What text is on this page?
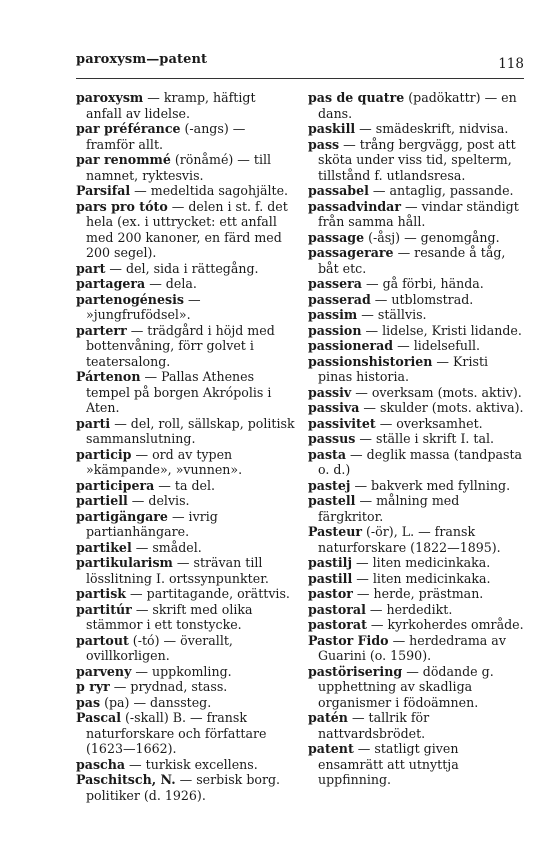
paroxysm—patent	118

paroxysm — kramp, häftigt anfall av lidelse.

par préférance (-angs) — framför allt.

par renommé (rönåmé) — till namnet, ryktesvis.

Parsifal — medeltida sagohjälte.

pars pro tóto — delen i st. f. det hela (ex. i uttrycket: ett anfall med 200 kanoner, en färd med 200 segel).

part — del, sida i rättegång.

partagera — dela.

partenogénesis — »jungfrufödsel».

parterr — trädgård i höjd med bottenvåning, förr golvet i teatersalong.

Pártenon — Pallas Athenes tempel på borgen Akrópolis i Aten.

parti — del, roll, sällskap, politisk sammanslutning.

particip — ord av typen »kämpande», »vunnen».

participera — ta del.

partiell — delvis.

partigängare — ivrig partianhängare.

partikel — smådel.

partikularism — strävan till lösslitning I. ortssynpunkter.

partisk — partitagande, orättvis.

partitúr — skrift med olika stämmor i ett tonstycke.

partout (-tó) — överallt, ovillkorligen.

parveny — uppkomling.

p ryr — prydnad, stass.

pas (pa) — danssteg.

Pascal (-skall) B. — fransk naturforskare och författare (1623—1662).

pascha — turkisk excellens.

Paschitsch, N. — serbisk borg. politiker (d. 1926).

pas de quatre (padökattr) — en dans.

paskill — smädeskrift, nidvisa.

pass — trång bergvägg, post att sköta under viss tid, spelterm, tillstånd f. utlandsresa.

passabel — antaglig, passande.

passadvindar — vindar ständigt från samma håll.

passage (-åsj) — genomgång.

passagerare — resande å tåg, båt etc.

passera — gå förbi, hända.

passerad — utblomstrad.

passim — ställvis.

passion — lidelse, Kristi lidande.

passionerad — lidelsefull.

passionshistorien — Kristi pinas historia.

passiv — overksam (mots. aktiv).

passiva — skulder (mots. aktiva).

passivitet — overksamhet.

passus — ställe i skrift I. tal.

pasta — deglik massa (tandpasta o. d.)

pastej — bakverk med fyllning.

pastell — målning med färgkritor.

Pasteur (-ör), L. — fransk naturforskare (1822—1895).

pastilj — liten medicinkaka.

pastill — liten medicinkaka.

pastor — herde, prästman.

pastoral — herdedikt.

pastorat — kyrkoherdes område.

Pastor Fido — herdedrama av Guarini (o. 1590).

pastörisering — dödande g. upphettning av skadliga organismer i födoämnen.

patén — tallrik för nattvardsbrödet.

patent — statligt given ensamrätt att utnyttja uppfinning.
